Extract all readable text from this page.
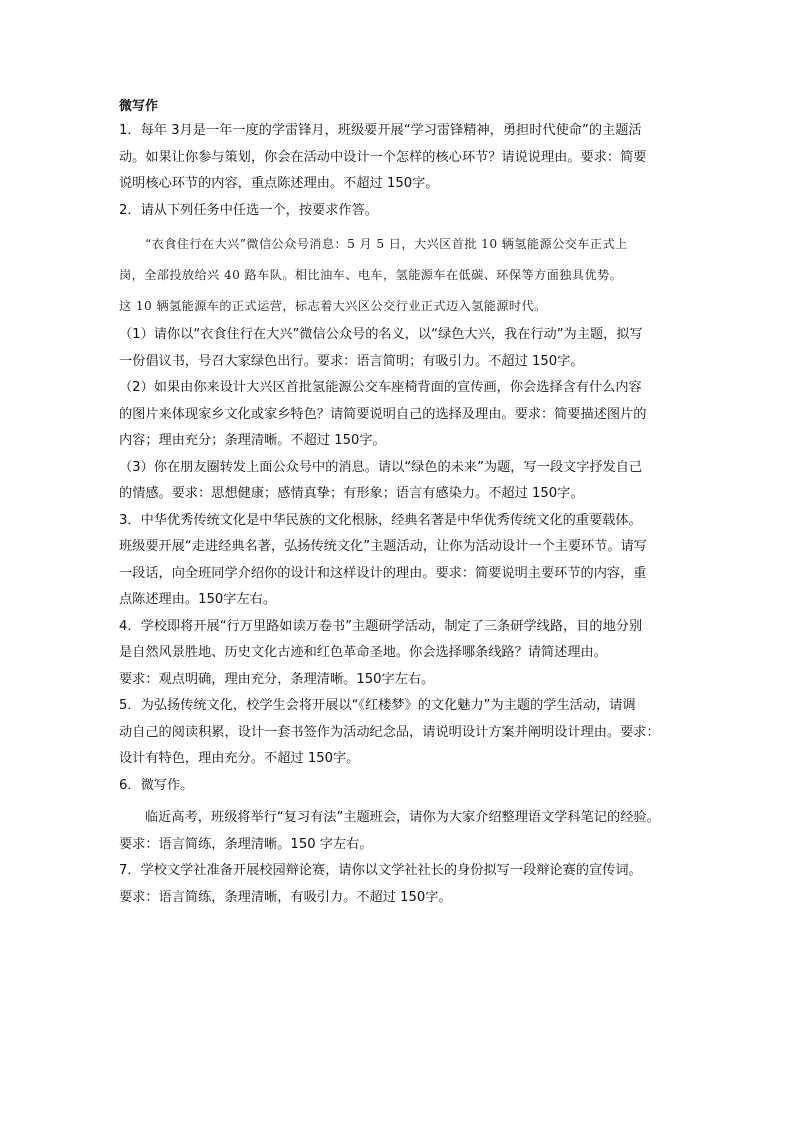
微写作

1．每年 3月是一年一度的学雷锋月，班级要开展“学习雷锋精神，勇担时代使命”的主题活

动。如果让你参与策划，你会在活动中设计一个怎样的核心环节？请说说理由。要求：简要

说明核心环节的内容，重点陈述理由。不超过 150字。

2．请从下列任务中任选一个，按要求作答。

“衣食住行在大兴”微信公众号消息：5 月 5 日，大兴区首批 10 辆氢能源公交车正式上

岗，全部投放给兴 40 路车队。相比油车、电车，氢能源车在低碳、环保等方面独具优势。

这 10 辆氢能源车的正式运营，标志着大兴区公交行业正式迈入氢能源时代。

（1）请你以“衣食住行在大兴”微信公众号的名义，以“绿色大兴，我在行动”为主题，拟写

一份倡议书，号召大家绿色出行。要求：语言简明；有吸引力。不超过 150字。

（2）如果由你来设计大兴区首批氢能源公交车座椅背面的宣传画，你会选择含有什么内容

的图片来体现家乡文化或家乡特色？请简要说明自己的选择及理由。要求：简要描述图片的

内容；理由充分；条理清晰。不超过 150字。

（3）你在朋友圈转发上面公众号中的消息。请以“绿色的未来”为题，写一段文字抒发自己

的情感。要求：思想健康；感情真挚；有形象；语言有感染力。不超过 150字。

3．中华优秀传统文化是中华民族的文化根脉，经典名著是中华优秀传统文化的重要载体。

班级要开展“走进经典名著，弘扬传统文化”主题活动，让你为活动设计一个主要环节。请写

一段话，向全班同学介绍你的设计和这样设计的理由。要求：简要说明主要环节的内容，重

点陈述理由。150字左右。

4．学校即将开展“行万里路如读万卷书”主题研学活动，制定了三条研学线路，目的地分别

是自然风景胜地、历史文化古迹和红色革命圣地。你会选择哪条线路？请简述理由。

要求：观点明确，理由充分，条理清晰。150字左右。

5．为弘扬传统文化，校学生会将开展以“《红楼梦》的文化魅力”为主题的学生活动，请调

动自己的阅读积累，设计一套书签作为活动纪念品，请说明设计方案并阐明设计理由。要求：

设计有特色，理由充分。不超过 150字。

6．微写作。

临近高考，班级将举行“复习有法”主题班会，请你为大家介绍整理语文学科笔记的经验。

要求：语言简练，条理清晰。150 字左右。

7．学校文学社准备开展校园辩论赛，请你以文学社社长的身份拟写一段辩论赛的宣传词。

要求：语言简练，条理清晰，有吸引力。不超过 150字。
